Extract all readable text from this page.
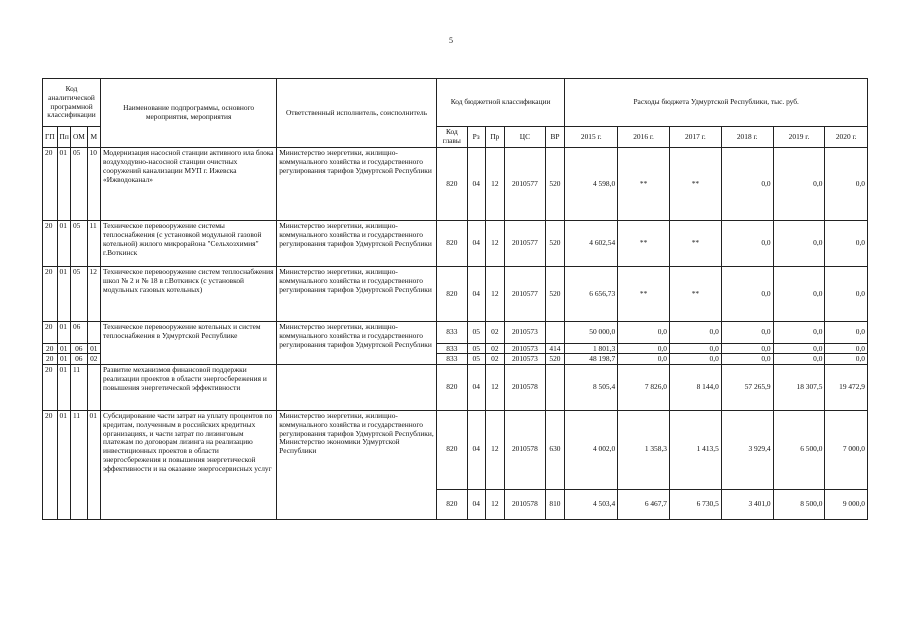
5
Код аналитической программной классификации				Наименование подпрограммы, основного мероприятия, мероприятия	Ответственный исполнитель, соисполнитель	Код бюджетной классификации					Расходы бюджета Удмуртской Республики, тыс. руб.					
ГП	Пп	ОМ	М			Код главы	Рз	Пр	ЦС	ВР	2015 г.	2016 г.	2017 г.	2018 г.	2019 г.	2020 г.
20	01	05	10	Модернизация насосной станции активного ила блока воздуходувно-насосной станции очистных сооружений канализации МУП г. Ижевска «Ижводоканал»	Министерство энергетики, жилищно-коммунального хозяйства и государственного регулирования тарифов Удмуртской Республики	820	04	12	2010577	520	4 598,0	**	**	0,0	0,0	0,0
20	01	05	11	Техническое перевооружение системы теплоснабжения (с установкой модульной газовой котельной) жилого микрорайона "Сельхозхимия" г.Воткинск	Министерство энергетики, жилищно-коммунального хозяйства и государственного регулирования тарифов Удмуртской Республики	820	04	12	2010577	520	4 602,54	**	**	0,0	0,0	0,0
20	01	05	12	Техническое перевооружение систем теплоснабжения школ № 2 и № 18 в г.Воткинск (с установкой модульных газовых котельных)	Министерство энергетики, жилищно-коммунального хозяйства и государственного регулирования тарифов Удмуртской Республики	820	04	12	2010577	520	6 656,73	**	**	0,0	0,0	0,0
20	01	06		Техническое перевооружение котельных и систем теплоснабжения в Удмуртской Республике	Министерство энергетики, жилищно-коммунального хозяйства и государственного регулирования тарифов Удмуртской Республики	833	05	02	2010573		50 000,0	0,0	0,0	0,0	0,0	0,0
20	01	06	01			833	05	02	2010573	414	1 801,3	0,0	0,0	0,0	0,0	0,0
20	01	06	02			833	05	02	2010573	520	48 198,7	0,0	0,0	0,0	0,0	0,0
20	01	11		Развитие механизмов финансовой поддержки реализации проектов в области энергосбережения и повышения энергетической эффективности		820	04	12	2010578		8 505,4	7 826,0	8 144,0	57 265,9	18 307,5	19 472,9
20	01	11	01	Субсидирование части затрат на уплату процентов по кредитам, полученным в российских кредитных организациях, и части затрат по лизинговым платежам по договорам лизинга на реализацию инвестиционных проектов в области энергосбережения и повышения энергетической эффективности и на оказание энергосервисных услуг	Министерство энергетики, жилищно-коммунального хозяйства и государственного регулирования тарифов Удмуртской Республики, Министерство экономики Удмуртской Республики	820	04	12	2010578	630	4 002,0	1 358,3	1 413,5	3 929,4	6 500,0	7 000,0
						820	04	12	2010578	810	4 503,4	6 467,7	6 730,5	3 401,0	8 500,0	9 000,0
